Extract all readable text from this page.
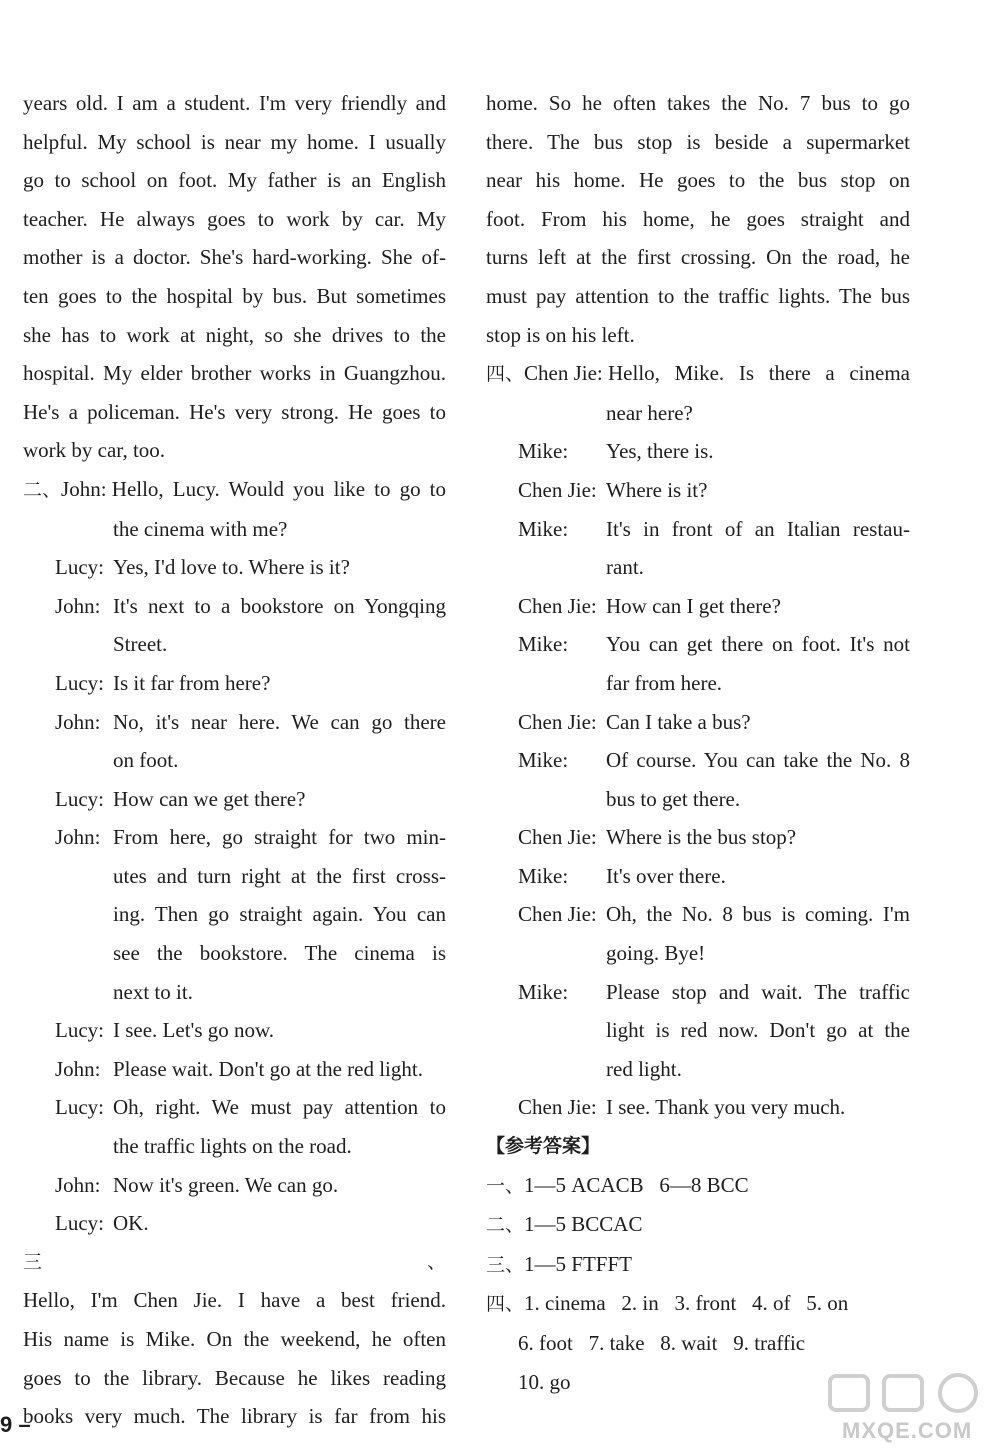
years old. I am a student. I'm very friendly and

helpful. My school is near my home. I usually

go to school on foot. My father is an English

teacher. He always goes to work by car. My

mother is a doctor. She's hard-working. She of-

ten goes to the hospital by bus. But sometimes

she has to work at night, so she drives to the

hospital. My elder brother works in Guangzhou.

He's a policeman. He's very strong. He goes to

work by car, too.

二、John: Hello, Lucy. Would you like to go to
the cinema with me?
Lucy: Yes, I'd love to. Where is it?
John: It's next to a bookstore on Yongqing
Street.
Lucy: Is it far from here?
John: No, it's near here. We can go there
on foot.
Lucy: How can we get there?
John: From here, go straight for two min-
utes and turn right at the first cross-
ing. Then go straight again. You can
see the bookstore. The cinema is
next to it.
Lucy: I see. Let's go now.
John: Please wait. Don't go at the red light.
Lucy: Oh, right. We must pay attention to
the traffic lights on the road.
John: Now it's green. We can go.
Lucy: OK.
三、
Hello, I'm Chen Jie. I have a best friend.

His name is Mike. On the weekend, he often

goes to the library. Because he likes reading

books very much. The library is far from his

home. So he often takes the No. 7 bus to go

there. The bus stop is beside a supermarket

near his home. He goes to the bus stop on

foot. From his home, he goes straight and

turns left at the first crossing. On the road, he

must pay attention to the traffic lights. The bus

stop is on his left.

四、Chen Jie: Hello, Mike. Is there a cinema
near here?
Mike:	Yes, there is.
Chen Jie: Where is it?
Mike:	It's in front of an Italian restau-
rant.
Chen Jie: How can I get there?
Mike:	You can get there on foot. It's not
far from here.
Chen Jie: Can I take a bus?
Mike:	Of course. You can take the No. 8
bus to get there.
Chen Jie: Where is the bus stop?
Mike:	It's over there.
Chen Jie: Oh, the No. 8 bus is coming. I'm
going. Bye!
Mike:	Please stop and wait. The traffic
light is red now. Don't go at the
red light.
Chen Jie: I see. Thank you very much.

【参考答案】

一、1—5 ACACB   6—8 BCC

二、1—5 BCCAC

三、1—5 FTFFT

四、1. cinema   2. in   3. front   4. of   5. on

6. foot   7. take   8. wait   9. traffic

10. go

9 –	MXQE.COM
